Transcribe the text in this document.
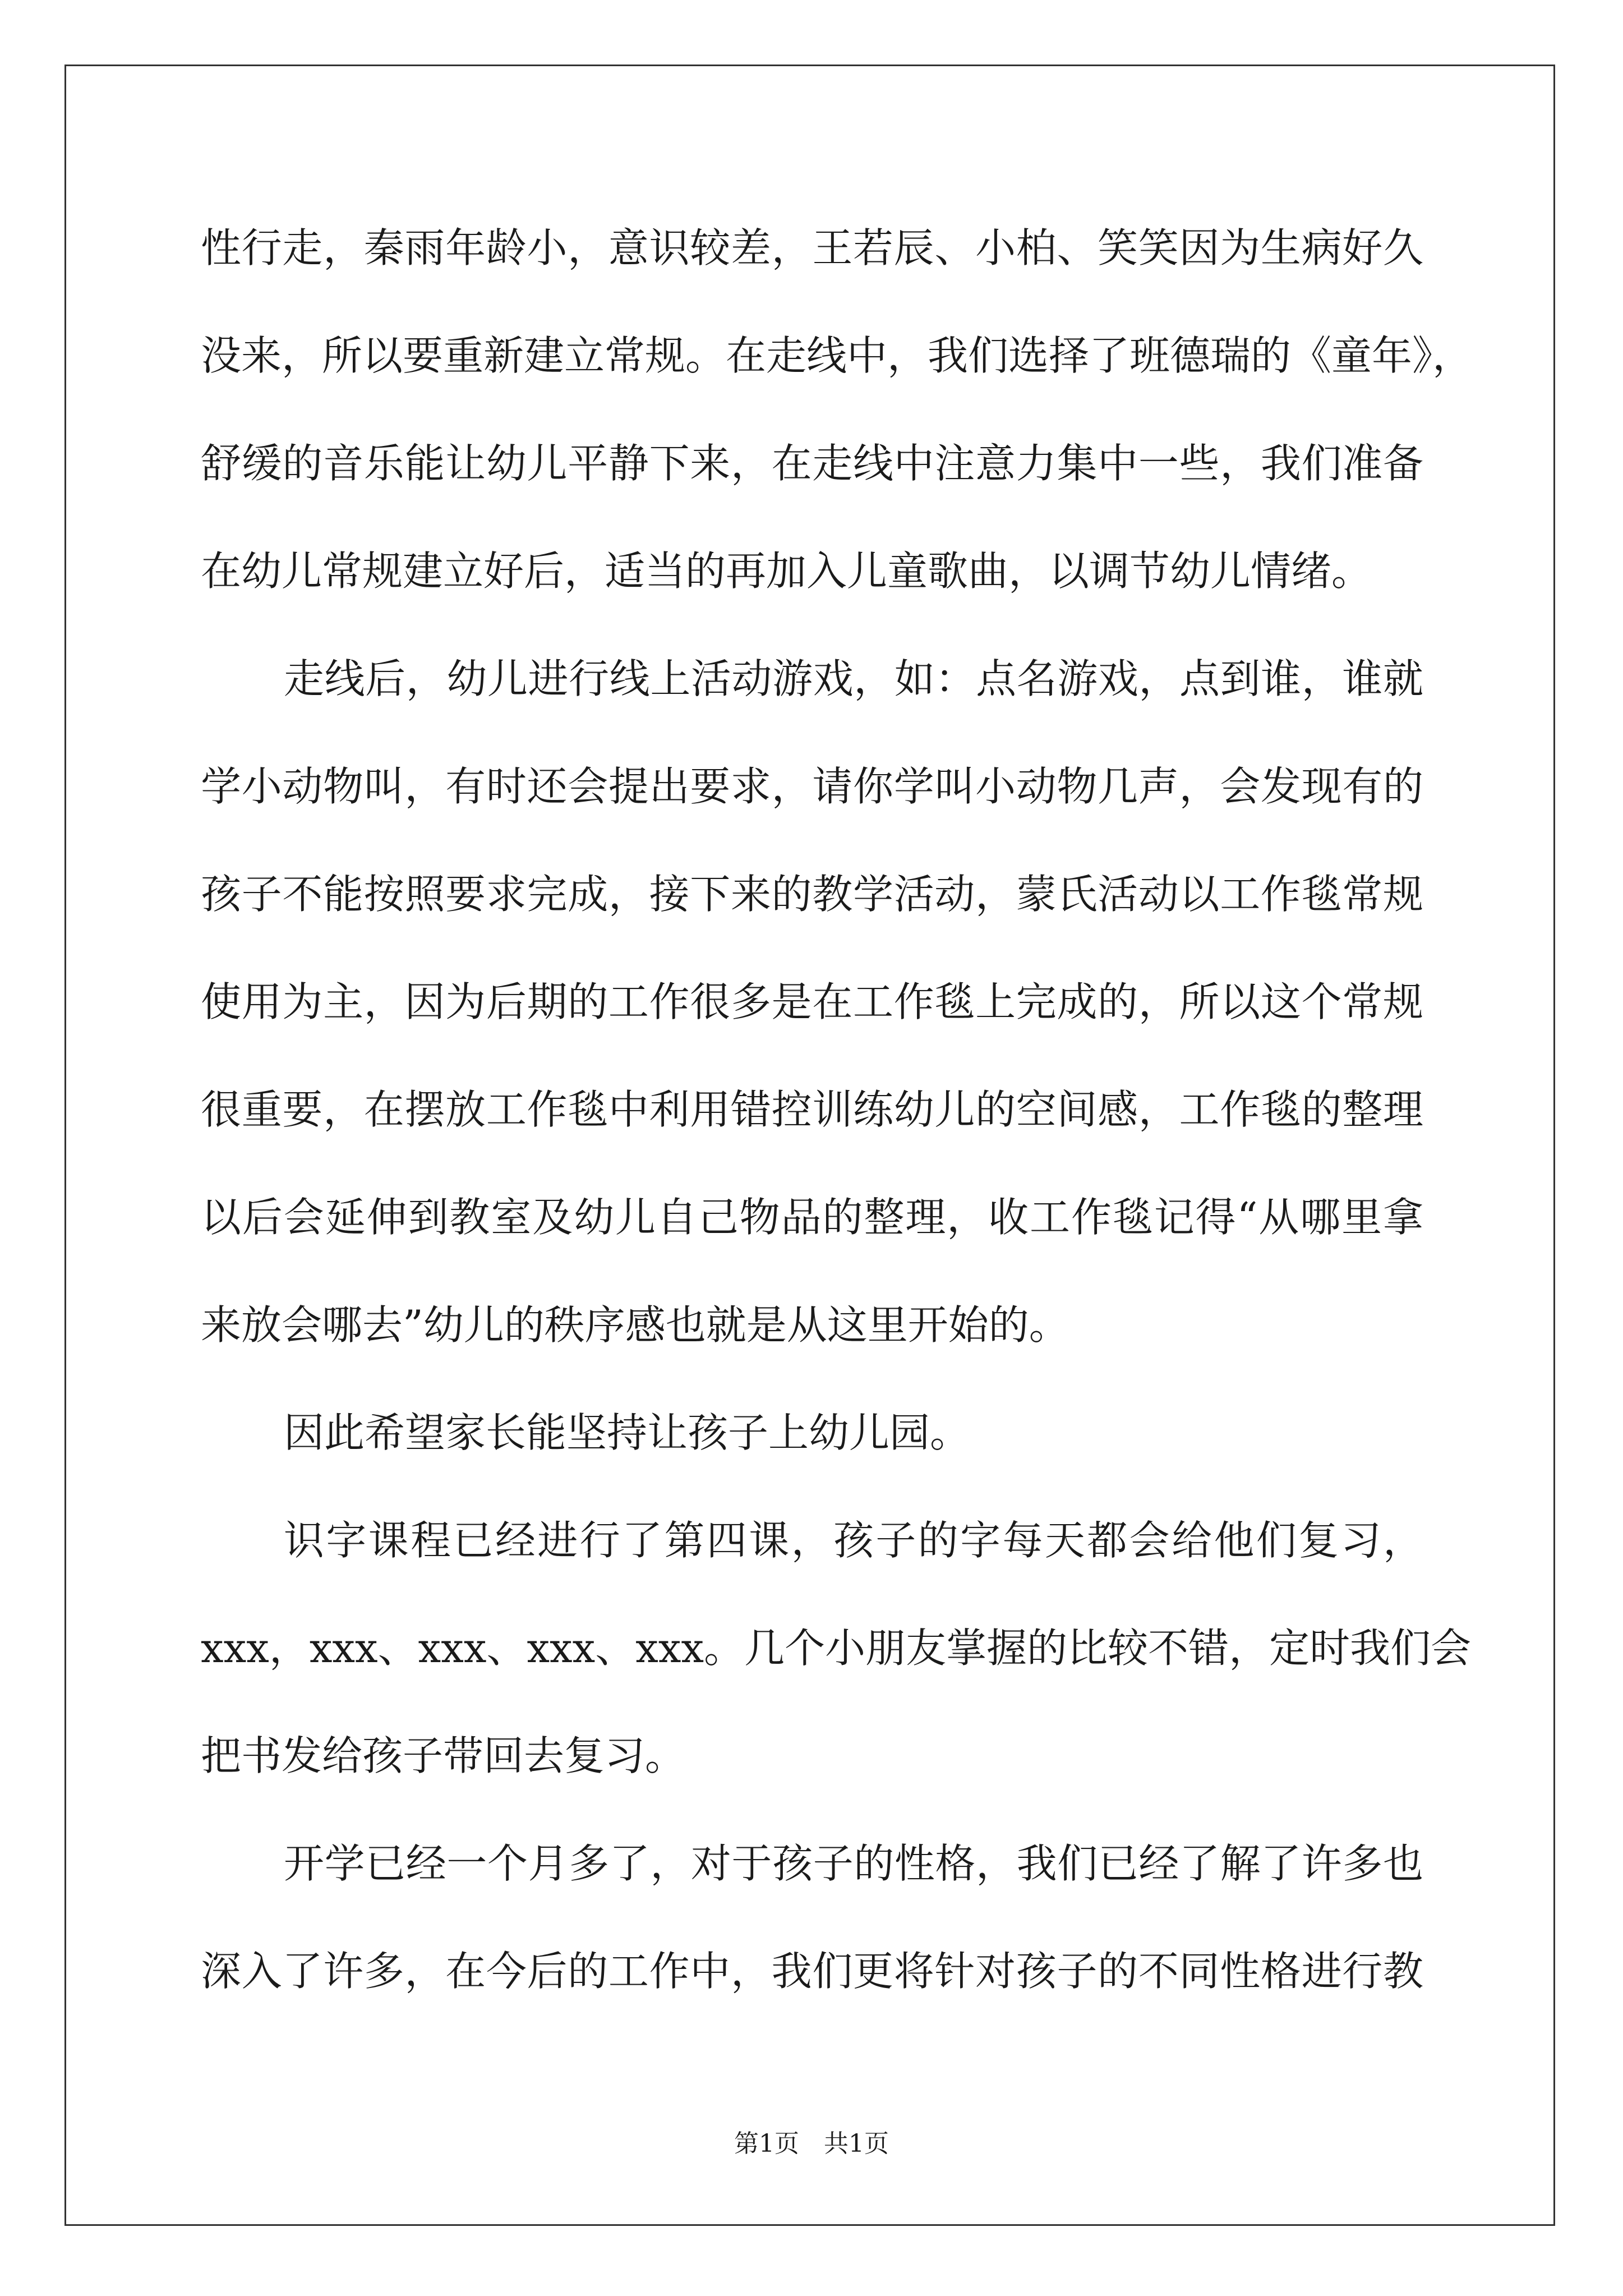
性行走，秦雨年龄小，意识较差，王若辰、小柏、笑笑因为生病好久
没来，所以要重新建立常规。在走线中，我们选择了班德瑞的《童年》，
舒缓的音乐能让幼儿平静下来，在走线中注意力集中一些，我们准备
在幼儿常规建立好后，适当的再加入儿童歌曲，以调节幼儿情绪。
走线后，幼儿进行线上活动游戏，如：点名游戏，点到谁，谁就
学小动物叫，有时还会提出要求，请你学叫小动物几声，会发现有的
孩子不能按照要求完成，接下来的教学活动，蒙氏活动以工作毯常规
使用为主，因为后期的工作很多是在工作毯上完成的，所以这个常规
很重要，在摆放工作毯中利用错控训练幼儿的空间感，工作毯的整理
以后会延伸到教室及幼儿自己物品的整理，收工作毯记得“从哪里拿
来放会哪去”幼儿的秩序感也就是从这里开始的。
因此希望家长能坚持让孩子上幼儿园。
识字课程已经进行了第四课，孩子的字每天都会给他们复习，
xxx，xxx、xxx、xxx、xxx。几个小朋友掌握的比较不错，定时我们会
把书发给孩子带回去复习。
开学已经一个月多了，对于孩子的性格，我们已经了解了许多也
深入了许多，在今后的工作中，我们更将针对孩子的不同性格进行教
第1页　共1页
